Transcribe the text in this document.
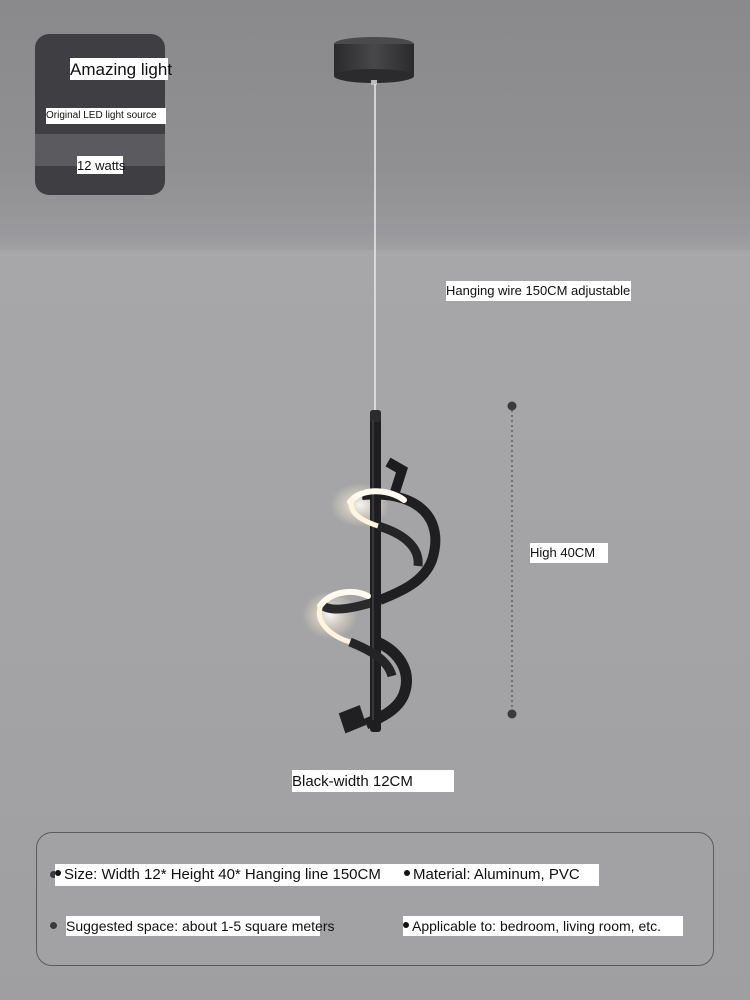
Amazing light
Original LED light source
12 watts
Hanging wire 150CM adjustable
High 40CM
Black-width 12CM
Size: Width 12* Height 40* Hanging line 150CM	Material: Aluminum, PVC
Suggested space: about 1-5 square meters	Applicable to: bedroom, living room, etc.
